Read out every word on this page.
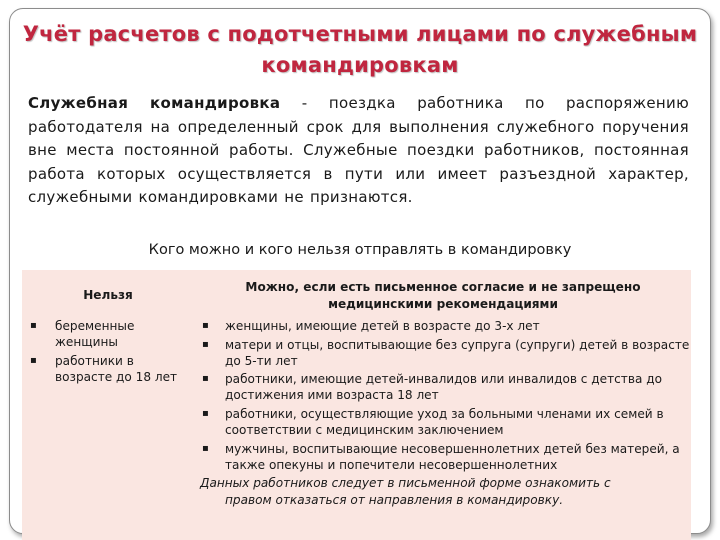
Учёт расчетов с подотчетными лицами по служебным командировкам
Служебная командировка - поездка работника по распоряжению работодателя на определенный срок для выполнения служебного поручения вне места постоянной работы. Служебные поездки работников, постоянная работа которых осуществляется в пути или имеет разъездной характер, служебными командировками не признаются.
Кого можно и кого нельзя отправлять в командировку
Нельзя
▪ беременные женщины
▪ работники в возрасте до 18 лет
Можно, если есть письменное согласие и не запрещено медицинскими рекомендациями
▪ женщины, имеющие детей в возрасте до 3-х лет
▪ матери и отцы, воспитывающие без супруга (супруги) детей в возрасте до 5-ти лет
▪ работники, имеющие детей-инвалидов или инвалидов с детства до достижения ими возраста 18 лет
▪ работники, осуществляющие уход за больными членами их семей в соответствии с медицинским заключением
▪ мужчины, воспитывающие несовершеннолетних детей без матерей, а также опекуны и попечители несовершеннолетних
Данных работников следует в письменной форме ознакомить с правом отказаться от направления в командировку.
